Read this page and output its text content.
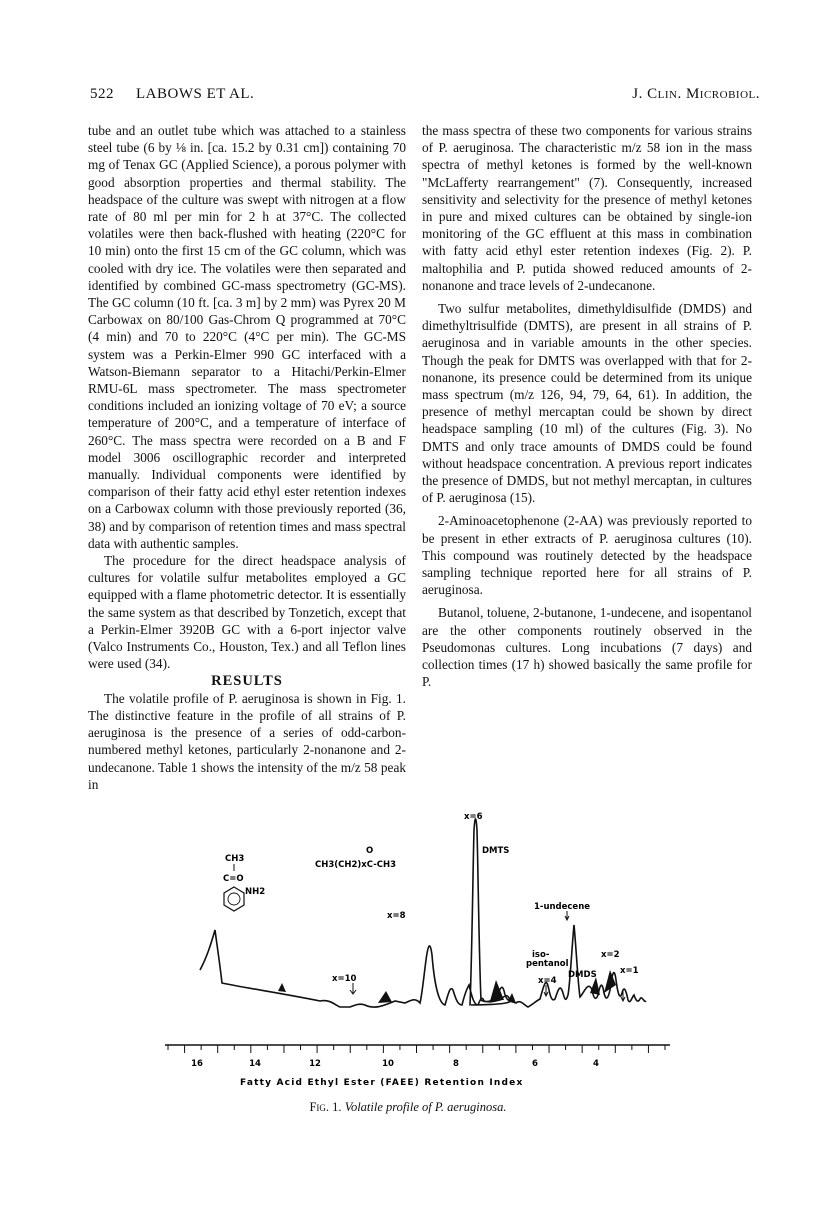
522 LABOWS ET AL.	J. Clin. Microbiol.

tube and an outlet tube which was attached to a stainless steel tube (6 by ⅛ in. [ca. 15.2 by 0.31 cm]) containing 70 mg of Tenax GC (Applied Science), a porous polymer with good absorption properties and thermal stability. The headspace of the culture was swept with nitrogen at a flow rate of 80 ml per min for 2 h at 37°C. The collected volatiles were then back-flushed with heating (220°C for 10 min) onto the first 15 cm of the GC column, which was cooled with dry ice. The volatiles were then separated and identified by combined GC-mass spectrometry (GC-MS). The GC column (10 ft. [ca. 3 m] by 2 mm) was Pyrex 20 M Carbowax on 80/100 Gas-Chrom Q programmed at 70°C (4 min) and 70 to 220°C (4°C per min). The GC-MS system was a Perkin-Elmer 990 GC interfaced with a Watson-Biemann separator to a Hitachi/Perkin-Elmer RMU-6L mass spectrometer. The mass spectrometer conditions included an ionizing voltage of 70 eV; a source temperature of 200°C, and a temperature of interface of 260°C. The mass spectra were recorded on a B and F model 3006 oscillographic recorder and interpreted manually. Individual components were identified by comparison of their fatty acid ethyl ester retention indexes on a Carbowax column with those previously reported (36, 38) and by comparison of retention times and mass spectral data with authentic samples.

The procedure for the direct headspace analysis of cultures for volatile sulfur metabolites employed a GC equipped with a flame photometric detector. It is essentially the same system as that described by Tonzetich, except that a Perkin-Elmer 3920B GC with a 6-port injector valve (Valco Instruments Co., Houston, Tex.) and all Teflon lines were used (34).

RESULTS

The volatile profile of P. aeruginosa is shown in Fig. 1. The distinctive feature in the profile of all strains of P. aeruginosa is the presence of a series of odd-carbon-numbered methyl ketones, particularly 2-nonanone and 2-undecanone. Table 1 shows the intensity of the m/z 58 peak in

the mass spectra of these two components for various strains of P. aeruginosa. The characteristic m/z 58 ion in the mass spectra of methyl ketones is formed by the well-known "McLafferty rearrangement" (7). Consequently, increased sensitivity and selectivity for the presence of methyl ketones in pure and mixed cultures can be obtained by single-ion monitoring of the GC effluent at this mass in combination with fatty acid ethyl ester retention indexes (Fig. 2). P. maltophilia and P. putida showed reduced amounts of 2-nonanone and trace levels of 2-undecanone.

Two sulfur metabolites, dimethyldisulfide (DMDS) and dimethyltrisulfide (DMTS), are present in all strains of P. aeruginosa and in variable amounts in the other species. Though the peak for DMTS was overlapped with that for 2-nonanone, its presence could be determined from its unique mass spectrum (m/z 126, 94, 79, 64, 61). In addition, the presence of methyl mercaptan could be shown by direct headspace sampling (10 ml) of the cultures (Fig. 3). No DMTS and only trace amounts of DMDS could be found without headspace concentration. A previous report indicates the presence of DMDS, but not methyl mercaptan, in cultures of P. aeruginosa (15).

2-Aminoacetophenone (2-AA) was previously reported to be present in ether extracts of P. aeruginosa cultures (10). This compound was routinely detected by the headspace sampling technique reported here for all strains of P. aeruginosa.

Butanol, toluene, 2-butanone, 1-undecene, and isopentanol are the other components routinely observed in the Pseudomonas cultures. Long incubations (7 days) and collection times (17 h) showed basically the same profile for P.

CH3
C=O
NH2
O
CH3(CH2)xC-CH3
x=6
DMTS
x=8
1-undecene
iso-
pentanol
x=10	x=4
DMDS
x=2
x=1
16	14	12	10	8	6	4
Fatty Acid Ethyl Ester (FAEE) Retention Index
Fig. 1. Volatile profile of P. aeruginosa.
